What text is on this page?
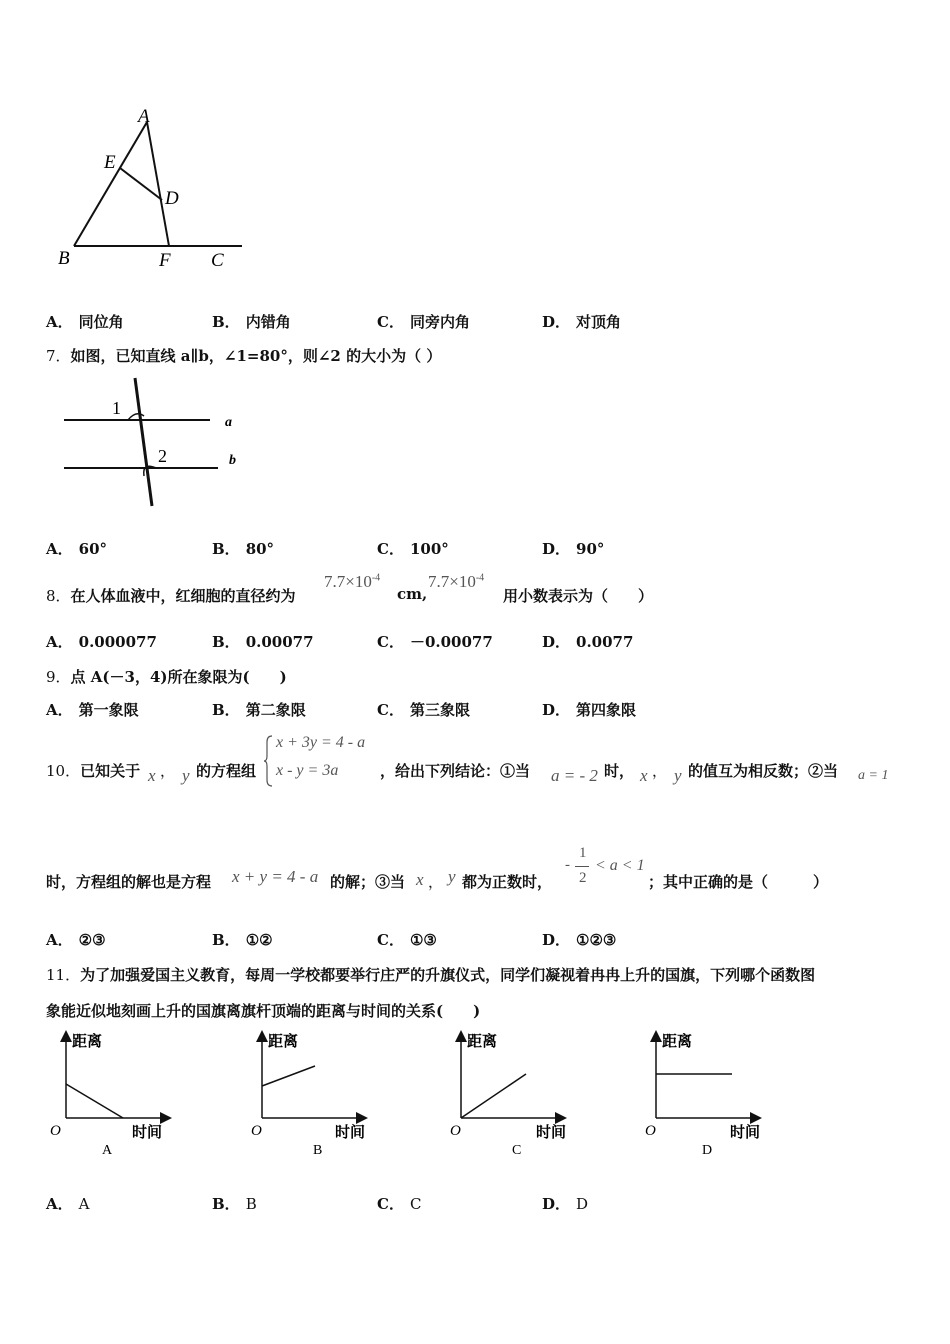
A
E
D
B	F C
A． 同位角	B． 内错角	C． 同旁内角	D． 对顶角
7．如图，已知直线 a∥b，∠1=80°，则∠2 的大小为（ ）
1
2
a
b
A． 60°	B． 80°	C． 100°	D． 90°
8．在人体血液中，红细胞的直径约为
$7.7\times 10^{-4}$
cm,
$7.7\times 10^{-4}$
用小数表示为（　　）
A． 0.000077	B． 0.00077	C． －0.00077	D． 0.0077
9．点 A(－3，4)所在象限为(　　)
A． 第一象限	B． 第二象限	C． 第三象限	D． 第四象限
10．已知关于 x ， y 的方程组
x + 3y = 4 - a
x - y = 3a	，给出下列结论：①当 a = - 2 时， x ， y 的值互为相反数；②当 a = 1
时，方程组的解也是方程 x + y = 4 - a 的解；③当 x ， y 都为正数时，
-
1
2
< a < 1
；其中正确的是（　　　）
A． ②③	B． ①②	C． ①③	D． ①②③
11．为了加强爱国主义教育，每周一学校都要举行庄严的升旗仪式，同学们凝视着冉冉上升的国旗，下列哪个函数图
象能近似地刻画上升的国旗离旗杆顶端的距离与时间的关系(　　)
距离
时间
O
A
距离
时间
O
B
距离
时间
O
C
距离
时间
O
D
A． A	B． B	C． C	D． D
